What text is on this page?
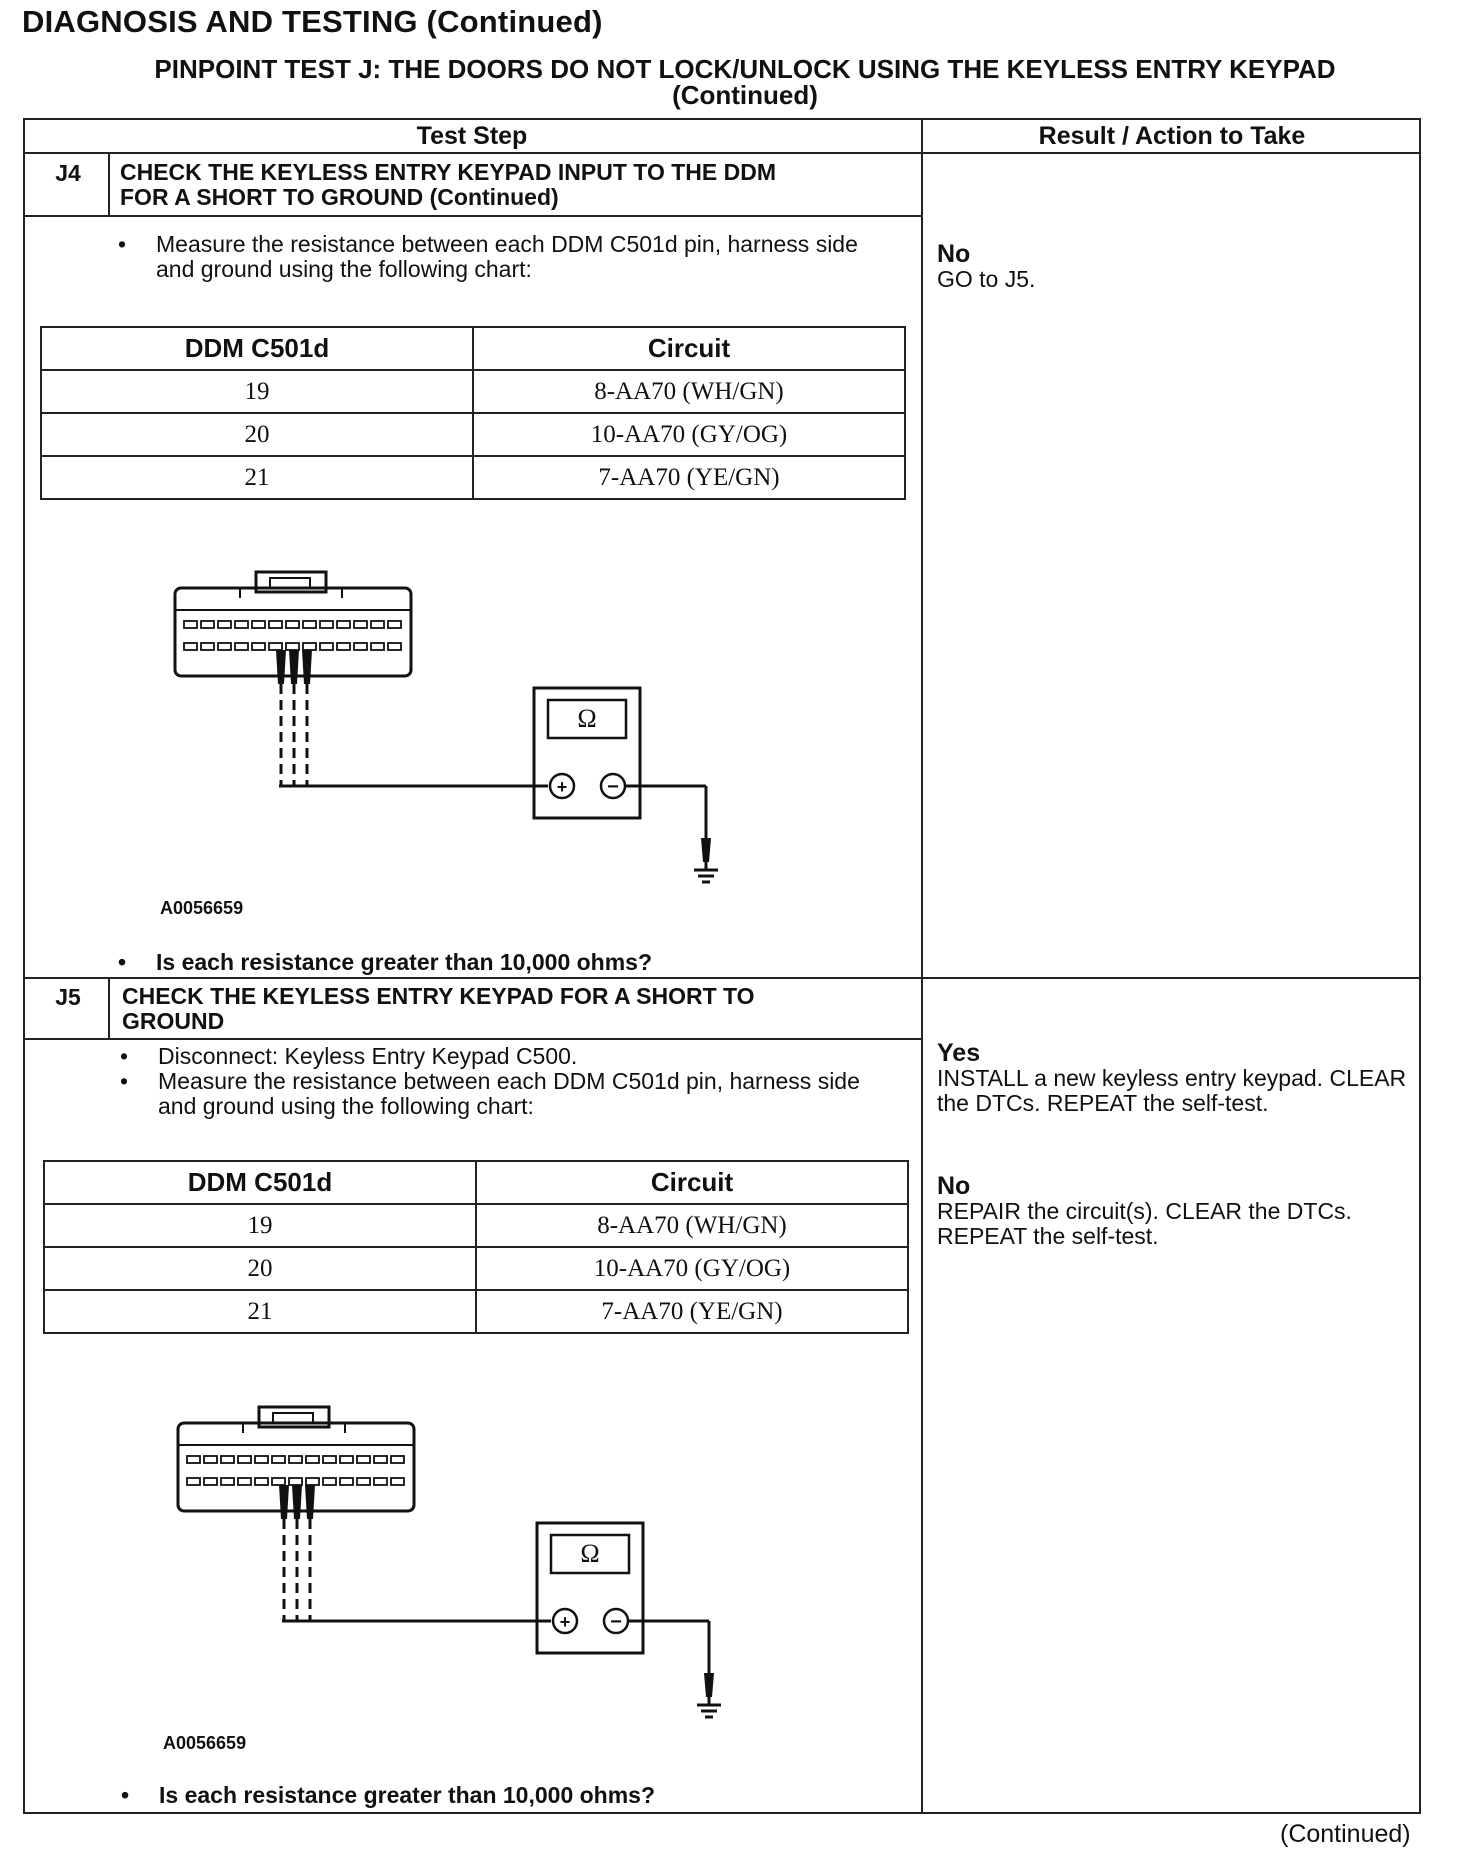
DIAGNOSIS AND TESTING (Continued)
PINPOINT TEST J: THE DOORS DO NOT LOCK/UNLOCK USING THE KEYLESS ENTRY KEYPAD
(Continued)
Test Step	Result / Action to Take
J4	CHECK THE KEYLESS ENTRY KEYPAD INPUT TO THE DDM
FOR A SHORT TO GROUND (Continued)
• Measure the resistance between each DDM C501d pin, harness side and ground using the following chart:
DDM C501d	Circuit
19	8-AA70 (WH/GN)
20	10-AA70 (GY/OG)
21	7-AA70 (YE/GN)
Ω
+ −
A0056659
• Is each resistance greater than 10,000 ohms?
No
GO to J5.
J5	CHECK THE KEYLESS ENTRY KEYPAD FOR A SHORT TO
GROUND
• Disconnect: Keyless Entry Keypad C500.
• Measure the resistance between each DDM C501d pin, harness side and ground using the following chart:
DDM C501d	Circuit
19	8-AA70 (WH/GN)
20	10-AA70 (GY/OG)
21	7-AA70 (YE/GN)
Ω
+ −
A0056659
• Is each resistance greater than 10,000 ohms?
Yes
INSTALL a new keyless entry keypad. CLEAR the DTCs. REPEAT the self-test.
No
REPAIR the circuit(s). CLEAR the DTCs. REPEAT the self-test.
(Continued)
